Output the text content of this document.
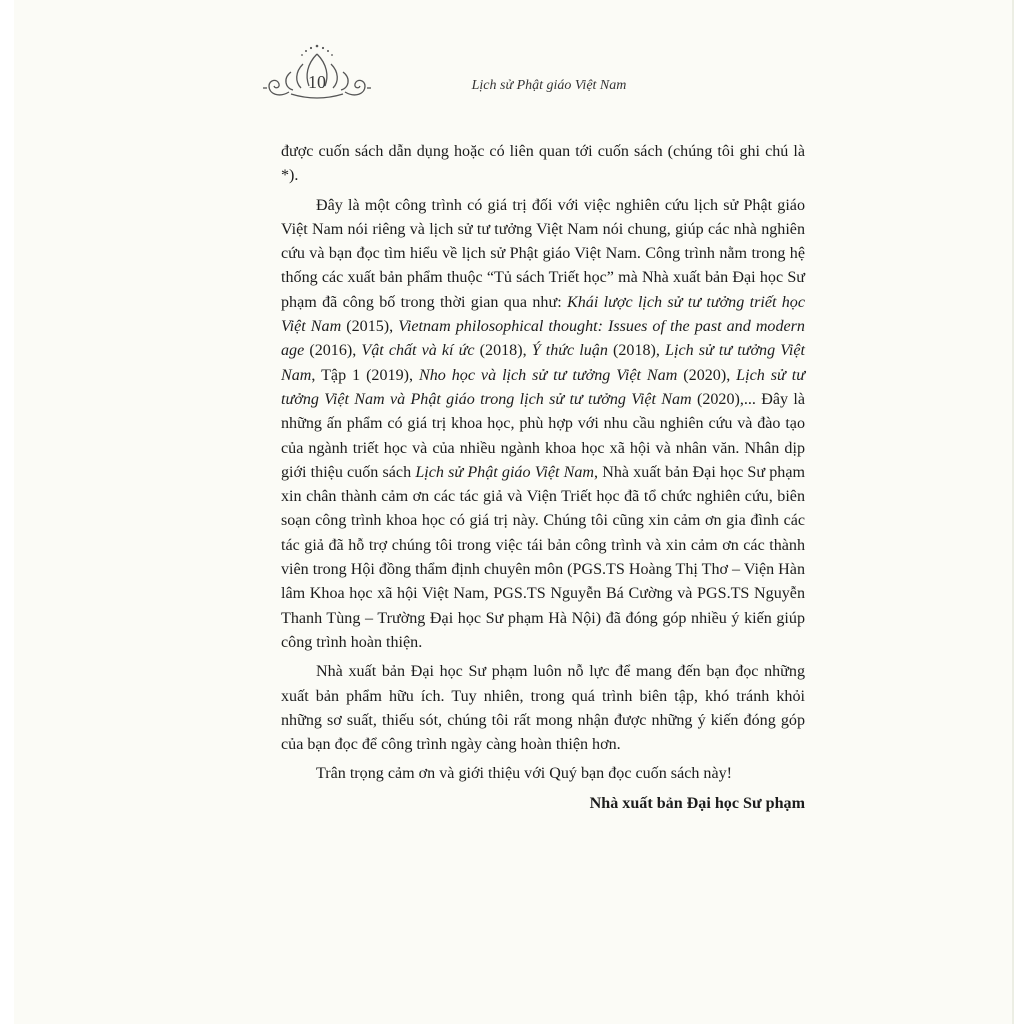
10	Lịch sử Phật giáo Việt Nam

được cuốn sách dẫn dụng hoặc có liên quan tới cuốn sách (chúng tôi ghi chú là *).

Đây là một công trình có giá trị đối với việc nghiên cứu lịch sử Phật giáo Việt Nam nói riêng và lịch sử tư tưởng Việt Nam nói chung, giúp các nhà nghiên cứu và bạn đọc tìm hiểu về lịch sử Phật giáo Việt Nam. Công trình nằm trong hệ thống các xuất bản phẩm thuộc “Tủ sách Triết học” mà Nhà xuất bản Đại học Sư phạm đã công bố trong thời gian qua như: Khái lược lịch sử tư tưởng triết học Việt Nam (2015), Vietnam philosophical thought: Issues of the past and modern age (2016), Vật chất và kí ức (2018), Ý thức luận (2018), Lịch sử tư tưởng Việt Nam, Tập 1 (2019), Nho học và lịch sử tư tưởng Việt Nam (2020), Lịch sử tư tưởng Việt Nam và Phật giáo trong lịch sử tư tưởng Việt Nam (2020),... Đây là những ấn phẩm có giá trị khoa học, phù hợp với nhu cầu nghiên cứu và đào tạo của ngành triết học và của nhiều ngành khoa học xã hội và nhân văn. Nhân dịp giới thiệu cuốn sách Lịch sử Phật giáo Việt Nam, Nhà xuất bản Đại học Sư phạm xin chân thành cảm ơn các tác giả và Viện Triết học đã tổ chức nghiên cứu, biên soạn công trình khoa học có giá trị này. Chúng tôi cũng xin cảm ơn gia đình các tác giả đã hỗ trợ chúng tôi trong việc tái bản công trình và xin cảm ơn các thành viên trong Hội đồng thẩm định chuyên môn (PGS.TS Hoàng Thị Thơ – Viện Hàn lâm Khoa học xã hội Việt Nam, PGS.TS Nguyễn Bá Cường và PGS.TS Nguyễn Thanh Tùng – Trường Đại học Sư phạm Hà Nội) đã đóng góp nhiều ý kiến giúp công trình hoàn thiện.

Nhà xuất bản Đại học Sư phạm luôn nỗ lực để mang đến bạn đọc những xuất bản phẩm hữu ích. Tuy nhiên, trong quá trình biên tập, khó tránh khỏi những sơ suất, thiếu sót, chúng tôi rất mong nhận được những ý kiến đóng góp của bạn đọc để công trình ngày càng hoàn thiện hơn.

Trân trọng cảm ơn và giới thiệu với Quý bạn đọc cuốn sách này!

Nhà xuất bản Đại học Sư phạm
